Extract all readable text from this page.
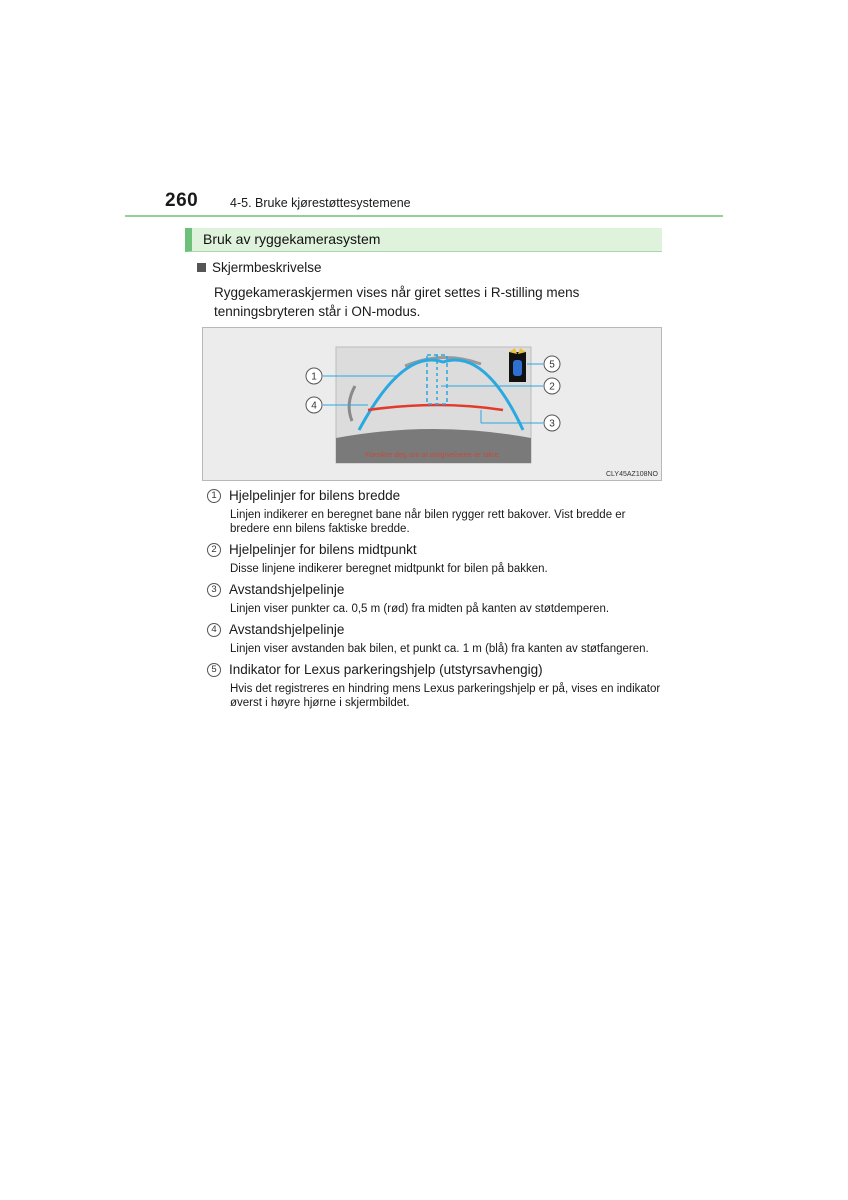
260	4-5. Bruke kjørestøttesystemene
Bruk av ryggekamerasystem
Skjermbeskrivelse
Ryggekameraskjermen vises når giret settes i R-stilling mens tenningsbryteren står i ON-modus.
Forsikre deg om at omgivelsene er sikre.
1
4
5
2
3
CLY45AZ108NO
1 Hjelpelinjer for bilens bredde
Linjen indikerer en beregnet bane når bilen rygger rett bakover. Vist bredde er bredere enn bilens faktiske bredde.
2 Hjelpelinjer for bilens midtpunkt
Disse linjene indikerer beregnet midtpunkt for bilen på bakken.
3 Avstandshjelpelinje
Linjen viser punkter ca. 0,5 m (rød) fra midten på kanten av støtdemperen.
4 Avstandshjelpelinje
Linjen viser avstanden bak bilen, et punkt ca. 1 m (blå) fra kanten av støtfangeren.
5 Indikator for Lexus parkeringshjelp (utstyrsavhengig)
Hvis det registreres en hindring mens Lexus parkeringshjelp er på, vises en indikator øverst i høyre hjørne i skjermbildet.
